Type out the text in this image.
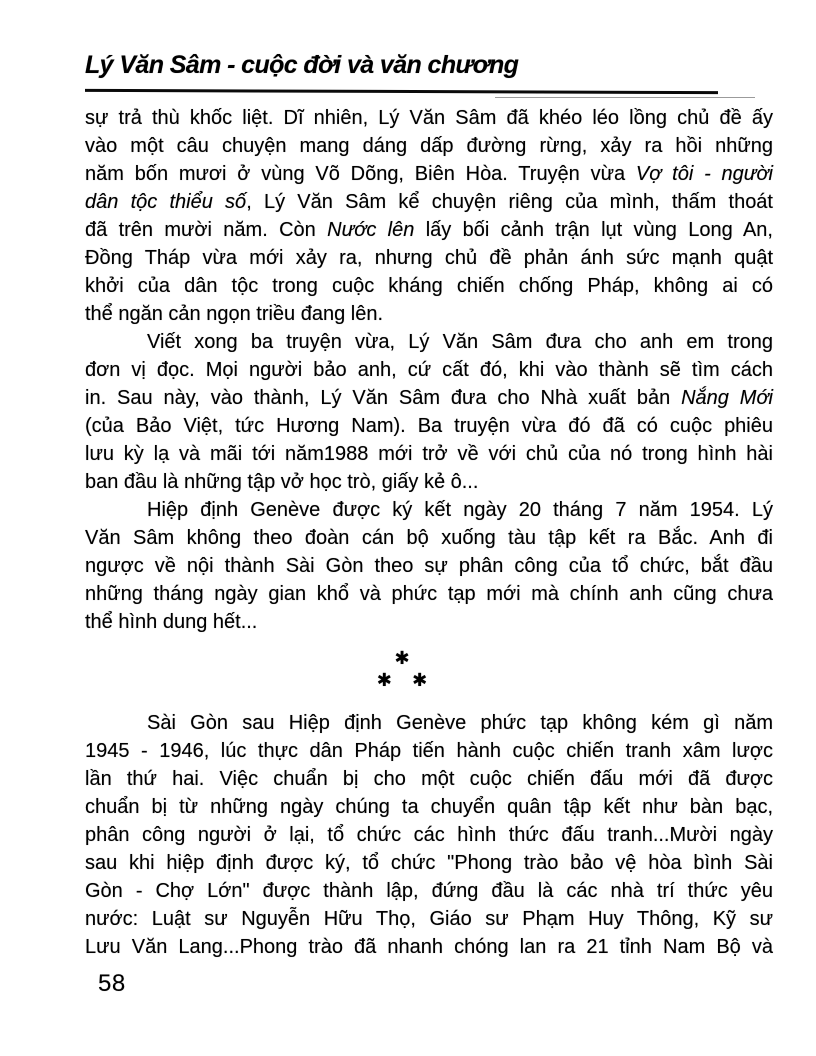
Lý Văn Sâm - cuộc đời và văn chương
sự trả thù khốc liệt. Dĩ nhiên, Lý Văn Sâm đã khéo léo lồng chủ đề ấy
vào một câu chuyện mang dáng dấp đường rừng, xảy ra hồi những
năm bốn mươi ở vùng Võ Dõng, Biên Hòa. Truyện vừa Vợ tôi - người
dân tộc thiểu số, Lý Văn Sâm kể chuyện riêng của mình, thấm thoát
đã trên mười năm. Còn Nước lên lấy bối cảnh trận lụt vùng Long An,
Đồng Tháp vừa mới xảy ra, nhưng chủ đề phản ánh sức mạnh quật
khởi của dân tộc trong cuộc kháng chiến chống Pháp, không ai có
thể ngăn cản ngọn triều đang lên.
Viết xong ba truyện vừa, Lý Văn Sâm đưa cho anh em trong
đơn vị đọc. Mọi người bảo anh, cứ cất đó, khi vào thành sẽ tìm cách
in. Sau này, vào thành, Lý Văn Sâm đưa cho Nhà xuất bản Nắng Mới
(của Bảo Việt, tức Hương Nam). Ba truyện vừa đó đã có cuộc phiêu
lưu kỳ lạ và mãi tới năm1988 mới trở về với chủ của nó trong hình hài
ban đầu là những tập vở học trò, giấy kẻ ô...
Hiệp định Genève được ký kết ngày 20 tháng 7 năm 1954. Lý
Văn Sâm không theo đoàn cán bộ xuống tàu tập kết ra Bắc. Anh đi
ngược về nội thành Sài Gòn theo sự phân công của tổ chức, bắt đầu
những tháng ngày gian khổ và phức tạp mới mà chính anh cũng chưa
thể hình dung hết...
✱
✱ ✱
Sài Gòn sau Hiệp định Genève phức tạp không kém gì năm
1945 - 1946, lúc thực dân Pháp tiến hành cuộc chiến tranh xâm lược
lần thứ hai. Việc chuẩn bị cho một cuộc chiến đấu mới đã được
chuẩn bị từ những ngày chúng ta chuyển quân tập kết như bàn bạc,
phân công người ở lại, tổ chức các hình thức đấu tranh...Mười ngày
sau khi hiệp định được ký, tổ chức "Phong trào bảo vệ hòa bình Sài
Gòn - Chợ Lớn" được thành lập, đứng đầu là các nhà trí thức yêu
nước: Luật sư Nguyễn Hữu Thọ, Giáo sư Phạm Huy Thông, Kỹ sư
Lưu Văn Lang...Phong trào đã nhanh chóng lan ra 21 tỉnh Nam Bộ và
58
